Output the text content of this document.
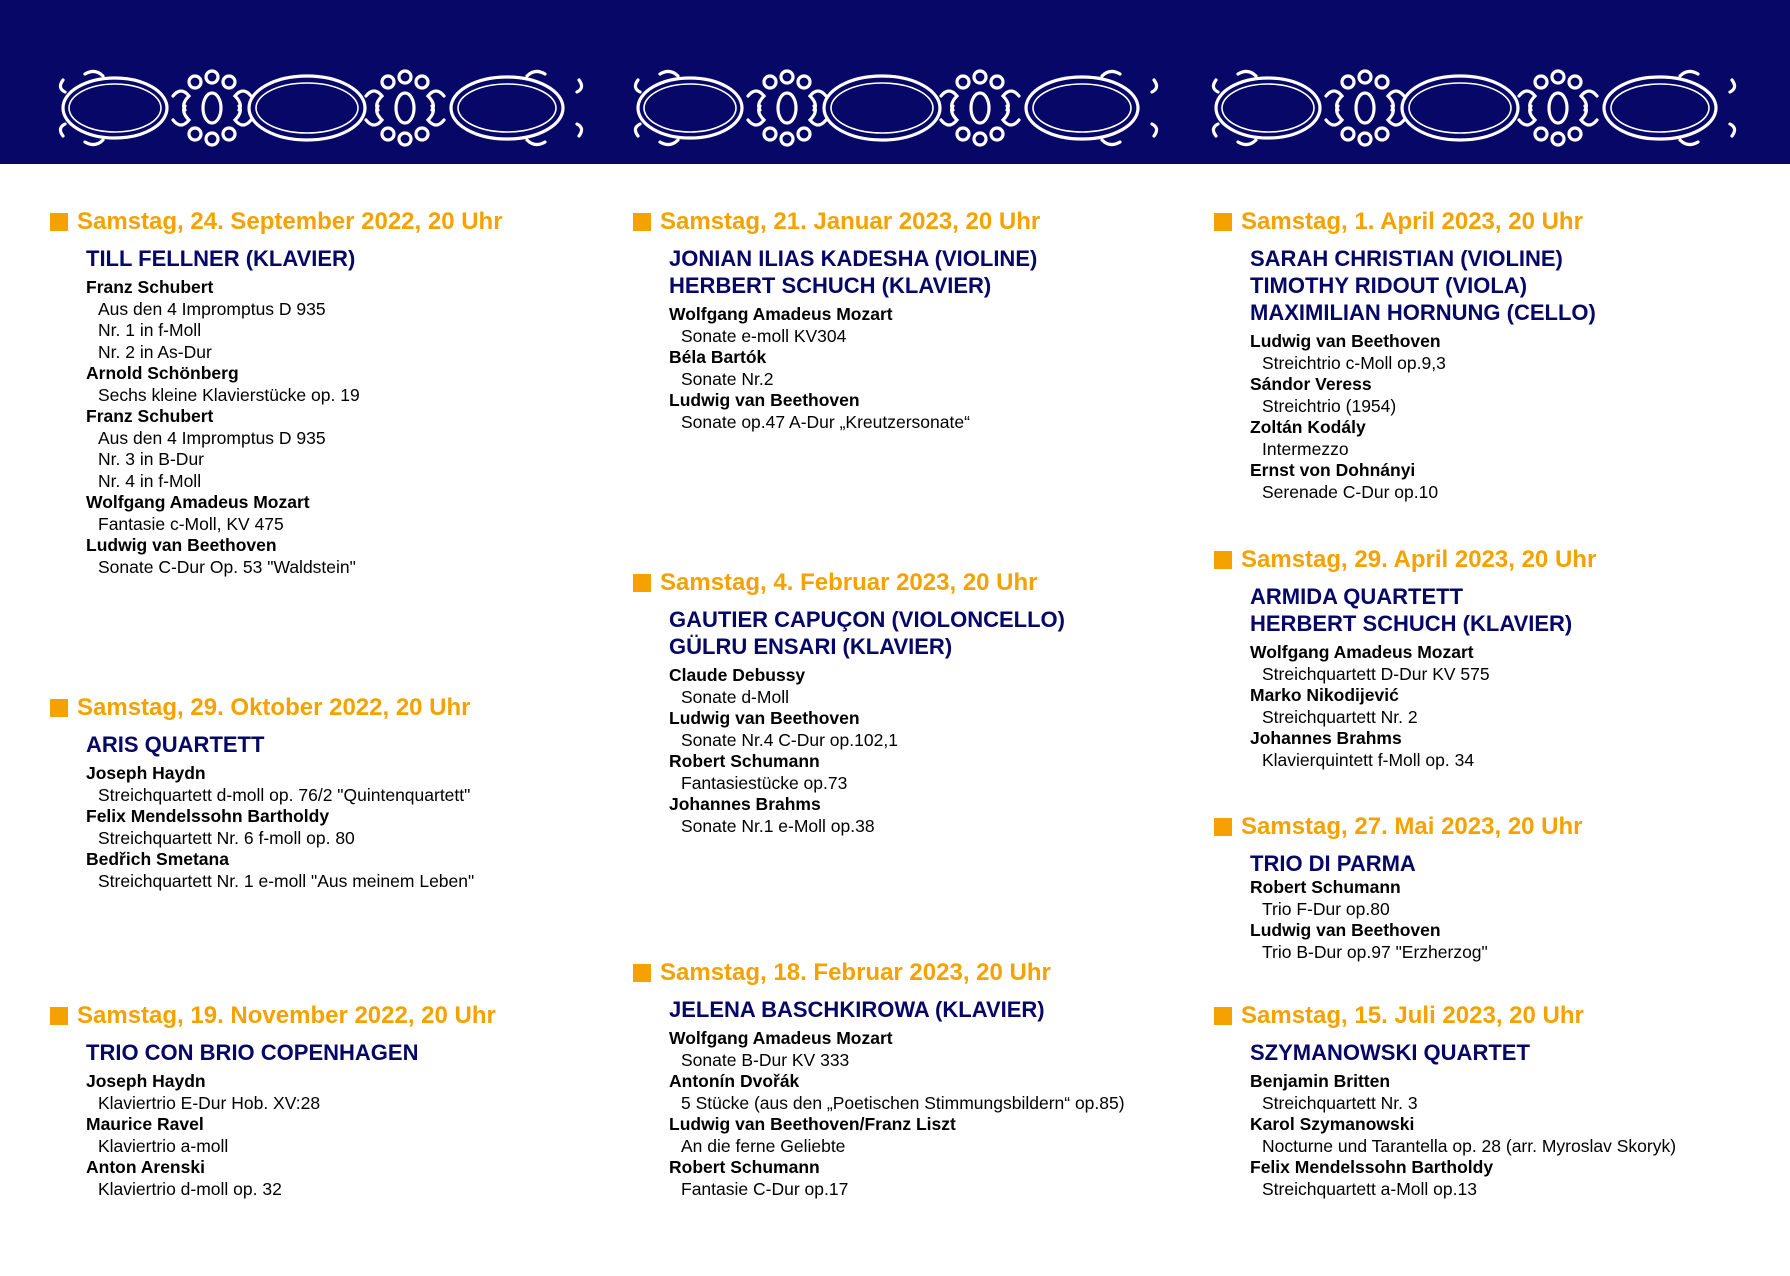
Samstag, 24. September 2022, 20 Uhr
TILL FELLNER (KLAVIER)
Franz Schubert
Aus den 4 Impromptus D 935
Nr. 1 in f-Moll
Nr. 2 in As-Dur
Arnold Schönberg
Sechs kleine Klavierstücke op. 19
Franz Schubert
Aus den 4 Impromptus D 935
Nr. 3 in B-Dur
Nr. 4 in f-Moll
Wolfgang Amadeus Mozart
Fantasie c-Moll, KV 475
Ludwig van Beethoven
Sonate C-Dur Op. 53 "Waldstein"
Samstag, 29. Oktober 2022, 20 Uhr
ARIS QUARTETT
Joseph Haydn
Streichquartett d-moll op. 76/2 "Quintenquartett"
Felix Mendelssohn Bartholdy
Streichquartett Nr. 6 f-moll op. 80
Bedřich Smetana
Streichquartett Nr. 1 e-moll "Aus meinem Leben"
Samstag, 19. November 2022, 20 Uhr
TRIO CON BRIO COPENHAGEN
Joseph Haydn
Klaviertrio E-Dur Hob. XV:28
Maurice Ravel
Klaviertrio a-moll
Anton Arenski
Klaviertrio d-moll op. 32
Samstag, 21. Januar 2023, 20 Uhr
JONIAN ILIAS KADESHA (VIOLINE)
HERBERT SCHUCH (KLAVIER)
Wolfgang Amadeus Mozart
Sonate e-moll KV304
Béla Bartók
Sonate Nr.2
Ludwig van Beethoven
Sonate op.47 A-Dur „Kreutzersonate“
Samstag, 4. Februar 2023, 20 Uhr
GAUTIER CAPUÇON (VIOLONCELLO)
GÜLRU ENSARI (KLAVIER)
Claude Debussy
Sonate d-Moll
Ludwig van Beethoven
Sonate Nr.4 C-Dur op.102,1
Robert Schumann
Fantasiestücke op.73
Johannes Brahms
Sonate Nr.1 e-Moll op.38
Samstag, 18. Februar 2023, 20 Uhr
JELENA BASCHKIROWA (KLAVIER)
Wolfgang Amadeus Mozart
Sonate B-Dur KV 333
Antonín Dvořák
5 Stücke (aus den „Poetischen Stimmungsbildern“ op.85)
Ludwig van Beethoven/Franz Liszt
An die ferne Geliebte
Robert Schumann
Fantasie C-Dur op.17
Samstag, 1. April 2023, 20 Uhr
SARAH CHRISTIAN (VIOLINE)
TIMOTHY RIDOUT (VIOLA)
MAXIMILIAN HORNUNG (CELLO)
Ludwig van Beethoven
Streichtrio c-Moll op.9,3
Sándor Veress
Streichtrio (1954)
Zoltán Kodály
Intermezzo
Ernst von Dohnányi
Serenade C-Dur op.10
Samstag, 29. April 2023, 20 Uhr
ARMIDA QUARTETT
HERBERT SCHUCH (KLAVIER)
Wolfgang Amadeus Mozart
Streichquartett D-Dur KV 575
Marko Nikodijević
Streichquartett Nr. 2
Johannes Brahms
Klavierquintett f-Moll op. 34
Samstag, 27. Mai 2023, 20 Uhr
TRIO DI PARMA
Robert Schumann
Trio F-Dur op.80
Ludwig van Beethoven
Trio B-Dur op.97 "Erzherzog"
Samstag, 15. Juli 2023, 20 Uhr
SZYMANOWSKI QUARTET
Benjamin Britten
Streichquartett Nr. 3
Karol Szymanowski
Nocturne und Tarantella op. 28 (arr. Myroslav Skoryk)
Felix Mendelssohn Bartholdy
Streichquartett a-Moll op.13
